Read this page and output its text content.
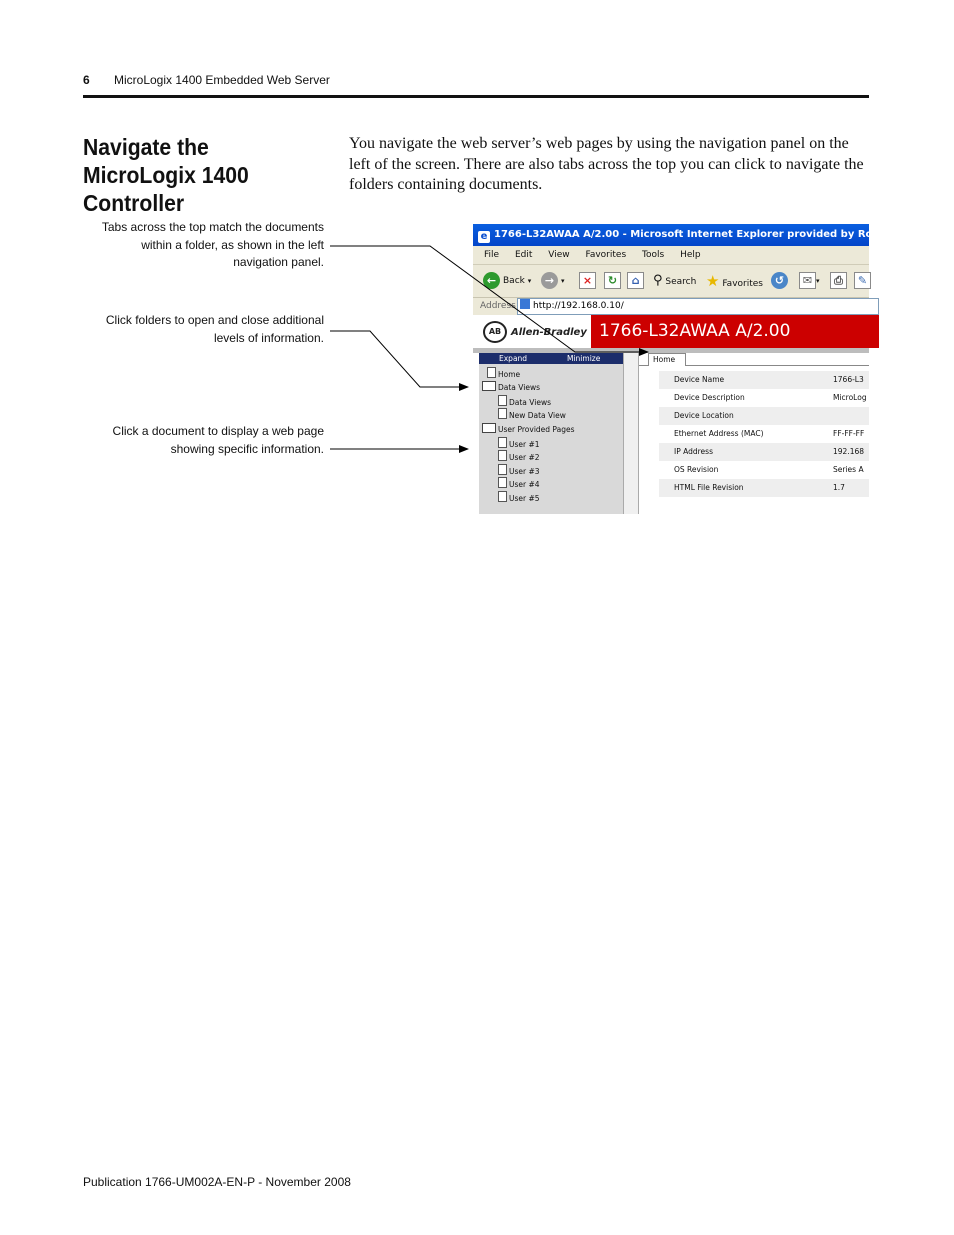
6 MicroLogix 1400 Embedded Web Server
Navigate the MicroLogix 1400 Controller
You navigate the web server’s web pages by using the navigation panel on the left of the screen. There are also tabs across the top you can click to navigate the folders containing documents.
Tabs across the top match the documents within a folder, as shown in the left navigation panel.
Click folders to open and close additional levels of information.
Click a document to display a web page showing specific information.
e 1766-L32AWAA A/2.00 - Microsoft Internet Explorer provided by Rockwell Autom
File Edit View Favorites Tools Help
← Back ▾	→ ▾	×	↻	⌂	⚲ Search ★ Favorites	↺	✉ ▾	⎙	✎
Address	http://192.168.0.10/
AB Allen-Bradley 1766-L32AWAA A/2.00
Expand	Minimize
Home
Data Views
Data Views
New Data View
User Provided Pages
User #1
User #2
User #3
User #4
User #5
Home
Device Name	1766-L3
Device Description	MicroLog
Device Location
Ethernet Address (MAC)	FF-FF-FF
IP Address	192.168
OS Revision	Series A
HTML File Revision	1.7
Publication 1766-UM002A-EN-P - November 2008
